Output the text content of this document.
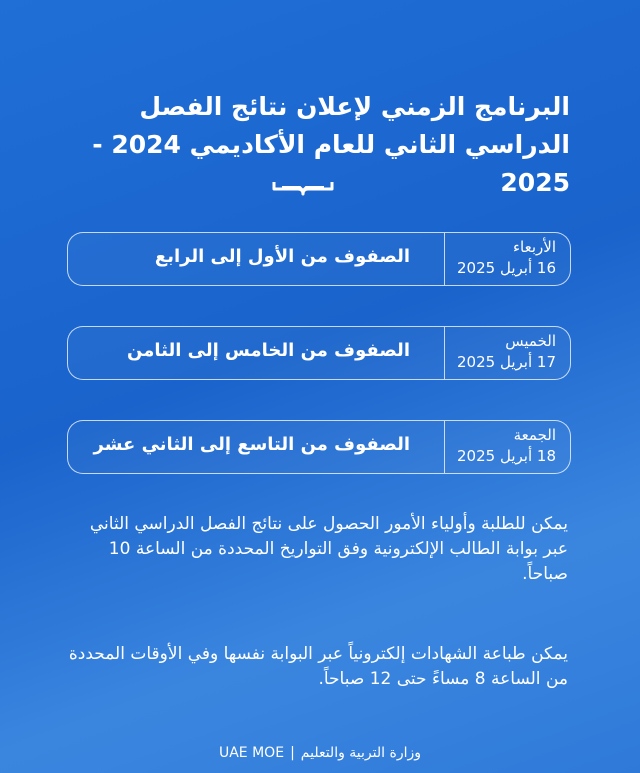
البرنامج الزمني لإعلان نتائج الفصل
الدراسي الثاني للعام الأكاديمي 2024 - 2025
الأربعاء
16 أبريل 2025
الصفوف من الأول إلى الرابع
الخميس
17 أبريل 2025
الصفوف من الخامس إلى الثامن
الجمعة
18 أبريل 2025
الصفوف من التاسع إلى الثاني عشر
يمكن للطلبة وأولياء الأمور الحصول على نتائج الفصل الدراسي الثاني عبر بوابة الطالب الإلكترونية وفق التواريخ المحددة من الساعة 10 صباحاً.
يمكن طباعة الشهادات إلكترونياً عبر البوابة نفسها وفي الأوقات المحددة من الساعة 8 مساءً حتى 12 صباحاً.
UAE MOE | وزارة التربية والتعليم
